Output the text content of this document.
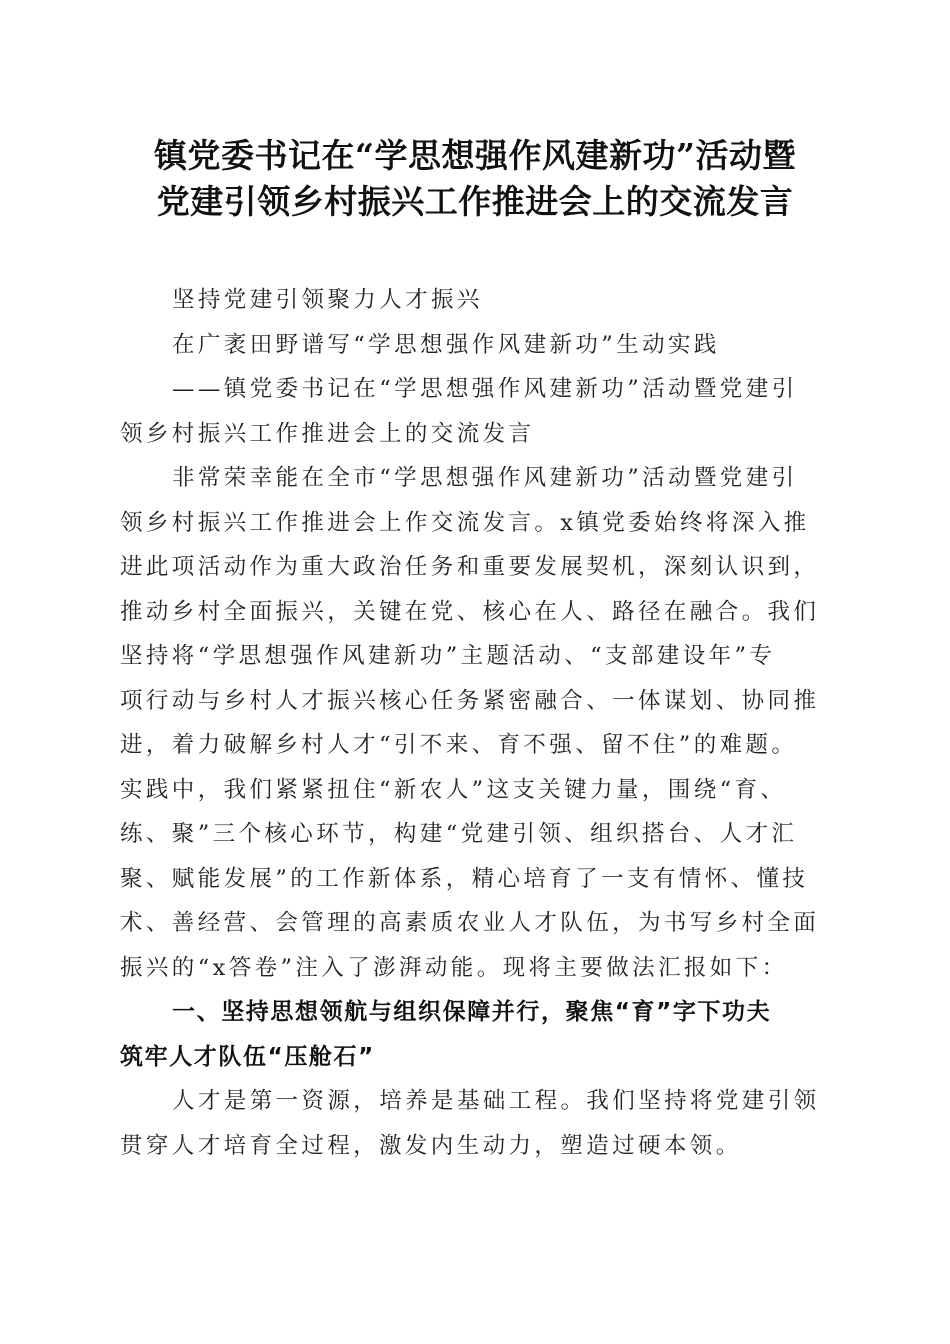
镇党委书记在“学思想强作风建新功”活动暨
党建引领乡村振兴工作推进会上的交流发言
坚持党建引领聚力人才振兴
在广袤田野谱写“学思想强作风建新功”生动实践
——镇党委书记在“学思想强作风建新功”活动暨党建引
领乡村振兴工作推进会上的交流发言
非常荣幸能在全市“学思想强作风建新功”活动暨党建引
领乡村振兴工作推进会上作交流发言。x镇党委始终将深入推
进此项活动作为重大政治任务和重要发展契机，深刻认识到，
推动乡村全面振兴，关键在党、核心在人、路径在融合。我们
坚持将“学思想强作风建新功”主题活动、“支部建设年”专
项行动与乡村人才振兴核心任务紧密融合、一体谋划、协同推
进，着力破解乡村人才“引不来、育不强、留不住”的难题。
实践中，我们紧紧扭住“新农人”这支关键力量，围绕“育、
练、聚”三个核心环节，构建“党建引领、组织搭台、人才汇
聚、赋能发展”的工作新体系，精心培育了一支有情怀、懂技
术、善经营、会管理的高素质农业人才队伍，为书写乡村全面
振兴的“x答卷”注入了澎湃动能。现将主要做法汇报如下：
一、坚持思想领航与组织保障并行，聚焦“育”字下功夫
筑牢人才队伍“压舱石”
人才是第一资源，培养是基础工程。我们坚持将党建引领
贯穿人才培育全过程，激发内生动力，塑造过硬本领。
